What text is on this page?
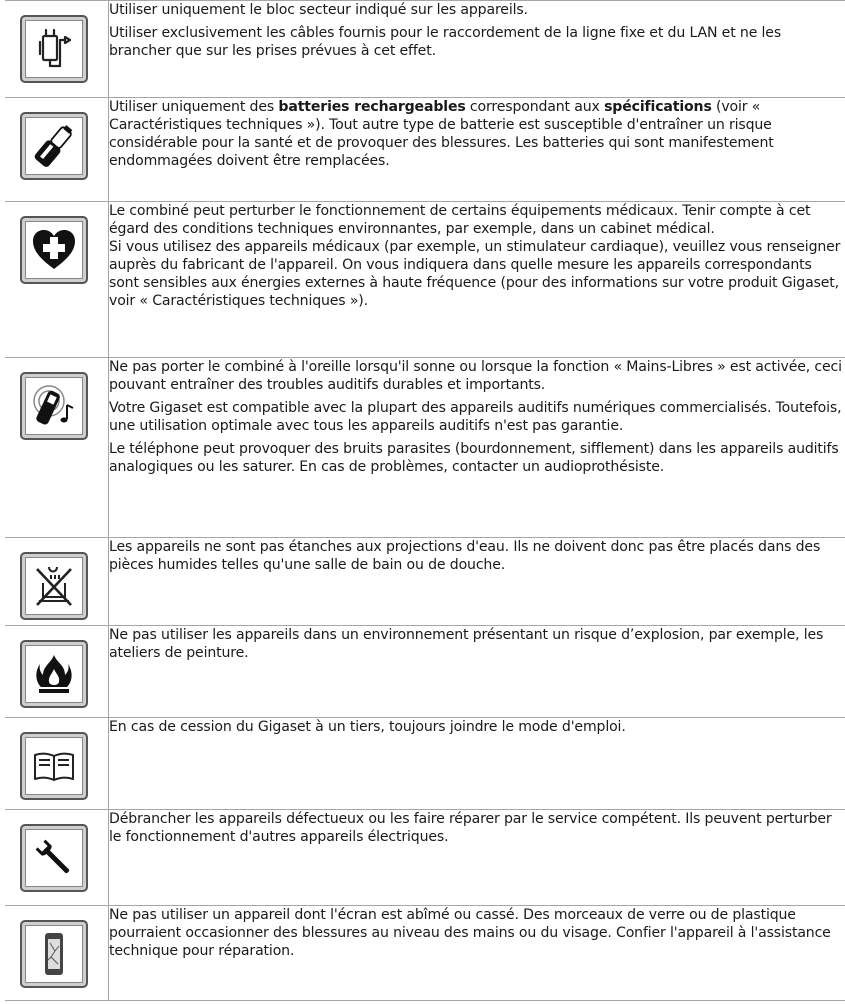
Utiliser uniquement le bloc secteur indiqué sur les appareils.

Utiliser exclusivement les câbles fournis pour le raccordement de la ligne fixe et du LAN et ne les brancher que sur les prises prévues à cet effet.

Utiliser uniquement des batteries rechargeables correspondant aux spécifications (voir « Caractéristiques techniques »). Tout autre type de batterie est susceptible d'entraîner un risque considérable pour la santé et de provoquer des blessures. Les batteries qui sont manifestement endommagées doivent être remplacées.

Le combiné peut perturber le fonctionnement de certains équipements médicaux. Tenir compte à cet égard des conditions techniques environnantes, par exemple, dans un cabinet médical.

Si vous utilisez des appareils médicaux (par exemple, un stimulateur cardiaque), veuillez vous renseigner auprès du fabricant de l'appareil. On vous indiquera dans quelle mesure les appareils correspondants sont sensibles aux énergies externes à haute fréquence (pour des informations sur votre produit Gigaset, voir « Caractéristiques techniques »).

Ne pas porter le combiné à l'oreille lorsqu'il sonne ou lorsque la fonction « Mains-Libres » est activée, ceci pouvant entraîner des troubles auditifs durables et importants.

Votre Gigaset est compatible avec la plupart des appareils auditifs numériques commercialisés. Toutefois, une utilisation optimale avec tous les appareils auditifs n'est pas garantie.

Le téléphone peut provoquer des bruits parasites (bourdonnement, sifflement) dans les appareils auditifs analogiques ou les saturer. En cas de problèmes, contacter un audioprothésiste.

Les appareils ne sont pas étanches aux projections d'eau. Ils ne doivent donc pas être placés dans des pièces humides telles qu'une salle de bain ou de douche.

Ne pas utiliser les appareils dans un environnement présentant un risque d’explosion, par exemple, les ateliers de peinture.

En cas de cession du Gigaset à un tiers, toujours joindre le mode d'emploi.

Débrancher les appareils défectueux ou les faire réparer par le service compétent. Ils peuvent perturber le fonctionnement d'autres appareils électriques.

Ne pas utiliser un appareil dont l'écran est abîmé ou cassé. Des morceaux de verre ou de plastique pourraient occasionner des blessures au niveau des mains ou du visage. Confier l'appareil à l'assistance technique pour réparation.
